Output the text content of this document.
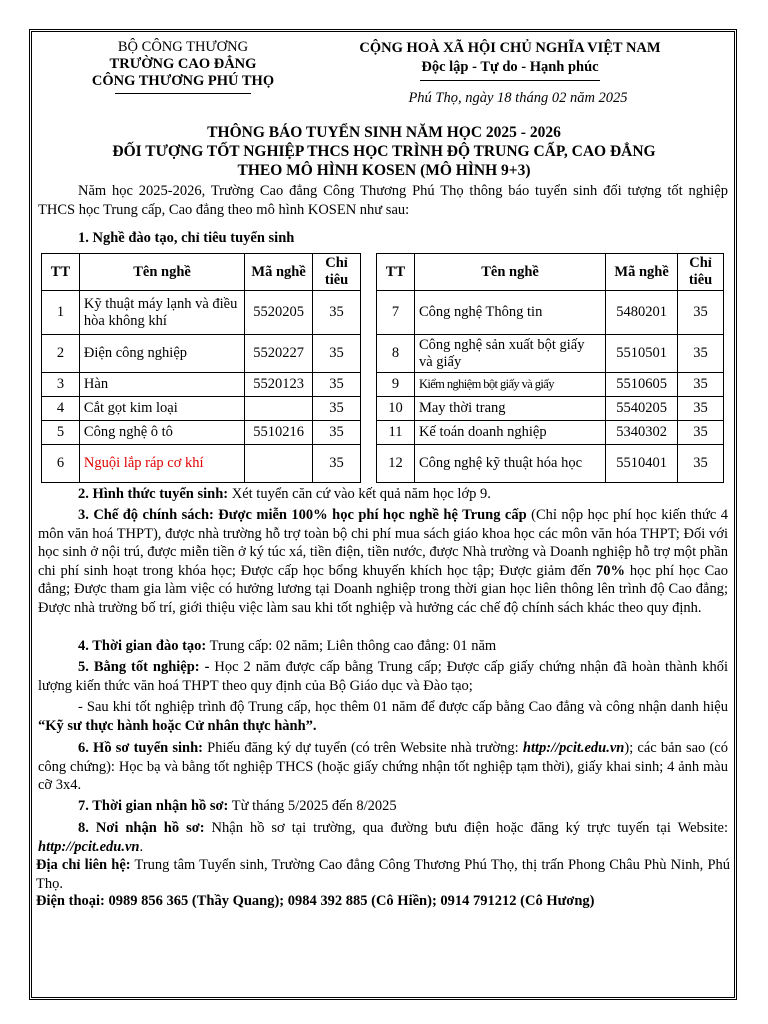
BỘ CÔNG THƯƠNG
TRƯỜNG CAO ĐẲNG
CÔNG THƯƠNG PHÚ THỌ
CỘNG HOÀ XÃ HỘI CHỦ NGHĨA VIỆT NAM
Độc lập - Tự do - Hạnh phúc
Phú Thọ, ngày 18 tháng 02 năm 2025
THÔNG BÁO TUYỂN SINH NĂM HỌC 2025 - 2026
ĐỐI TƯỢNG TỐT NGHIỆP THCS HỌC TRÌNH ĐỘ TRUNG CẤP, CAO ĐẲNG
THEO MÔ HÌNH KOSEN (MÔ HÌNH 9+3)
Năm học 2025-2026, Trường Cao đẳng Công Thương Phú Thọ thông báo tuyển sinh đối tượng tốt nghiệp THCS học Trung cấp, Cao đẳng theo mô hình KOSEN như sau:
1. Nghề đào tạo, chỉ tiêu tuyển sinh
TT	Tên nghề	Mã nghề	Chỉ tiêu
1	Kỹ thuật máy lạnh và điều hòa không khí	5520205	35
2	Điện công nghiệp	5520227	35
3	Hàn	5520123	35
4	Cắt gọt kim loại		35
5	Công nghệ ô tô	5510216	35
6	Nguội lắp ráp cơ khí		35
TT	Tên nghề	Mã nghề	Chỉ tiêu
7	Công nghệ Thông tin	5480201	35
8	Công nghệ sản xuất bột giấy và giấy	5510501	35
9	Kiểm nghiệm bột giấy và giấy	5510605	35
10	May thời trang	5540205	35
11	Kế toán doanh nghiệp	5340302	35
12	Công nghệ kỹ thuật hóa học	5510401	35
2. Hình thức tuyển sinh: Xét tuyển căn cứ vào kết quả năm học lớp 9.
3. Chế độ chính sách: Được miễn 100% học phí học nghề hệ Trung cấp (Chỉ nộp học phí học kiến thức 4 môn văn hoá THPT), được nhà trường hỗ trợ toàn bộ chi phí mua sách giáo khoa học các môn văn hóa THPT; Đối với học sinh ở nội trú, được miễn tiền ở ký túc xá, tiền điện, tiền nước, được Nhà trường và Doanh nghiệp hỗ trợ một phần chi phí sinh hoạt trong khóa học; Được cấp học bổng khuyến khích học tập; Được giảm đến 70% học phí học Cao đẳng; Được tham gia làm việc có hưởng lương tại Doanh nghiệp trong thời gian học liên thông lên trình độ Cao đẳng; Được nhà trường bố trí, giới thiệu việc làm sau khi tốt nghiệp và hưởng các chế độ chính sách khác theo quy định.
4. Thời gian đào tạo: Trung cấp: 02 năm; Liên thông cao đẳng: 01 năm
5. Bằng tốt nghiệp: - Học 2 năm được cấp bằng Trung cấp; Được cấp giấy chứng nhận đã hoàn thành khối lượng kiến thức văn hoá THPT theo quy định của Bộ Giáo dục và Đào tạo;
- Sau khi tốt nghiệp trình độ Trung cấp, học thêm 01 năm để được cấp bằng Cao đẳng và công nhận danh hiệu “Kỹ sư thực hành hoặc Cử nhân thực hành”.
6. Hồ sơ tuyển sinh: Phiếu đăng ký dự tuyển (có trên Website nhà trường: http://pcit.edu.vn); các bản sao (có công chứng): Học bạ và bằng tốt nghiệp THCS (hoặc giấy chứng nhận tốt nghiệp tạm thời), giấy khai sinh; 4 ảnh màu cỡ 3x4.
7. Thời gian nhận hồ sơ: Từ tháng 5/2025 đến 8/2025
8. Nơi nhận hồ sơ: Nhận hồ sơ tại trường, qua đường bưu điện hoặc đăng ký trực tuyến tại Website: http://pcit.edu.vn.
Địa chỉ liên hệ: Trung tâm Tuyển sinh, Trường Cao đẳng Công Thương Phú Thọ, thị trấn Phong Châu Phù Ninh, Phú Thọ.
Điện thoại: 0989 856 365 (Thầy Quang); 0984 392 885 (Cô Hiền); 0914 791212 (Cô Hương)
